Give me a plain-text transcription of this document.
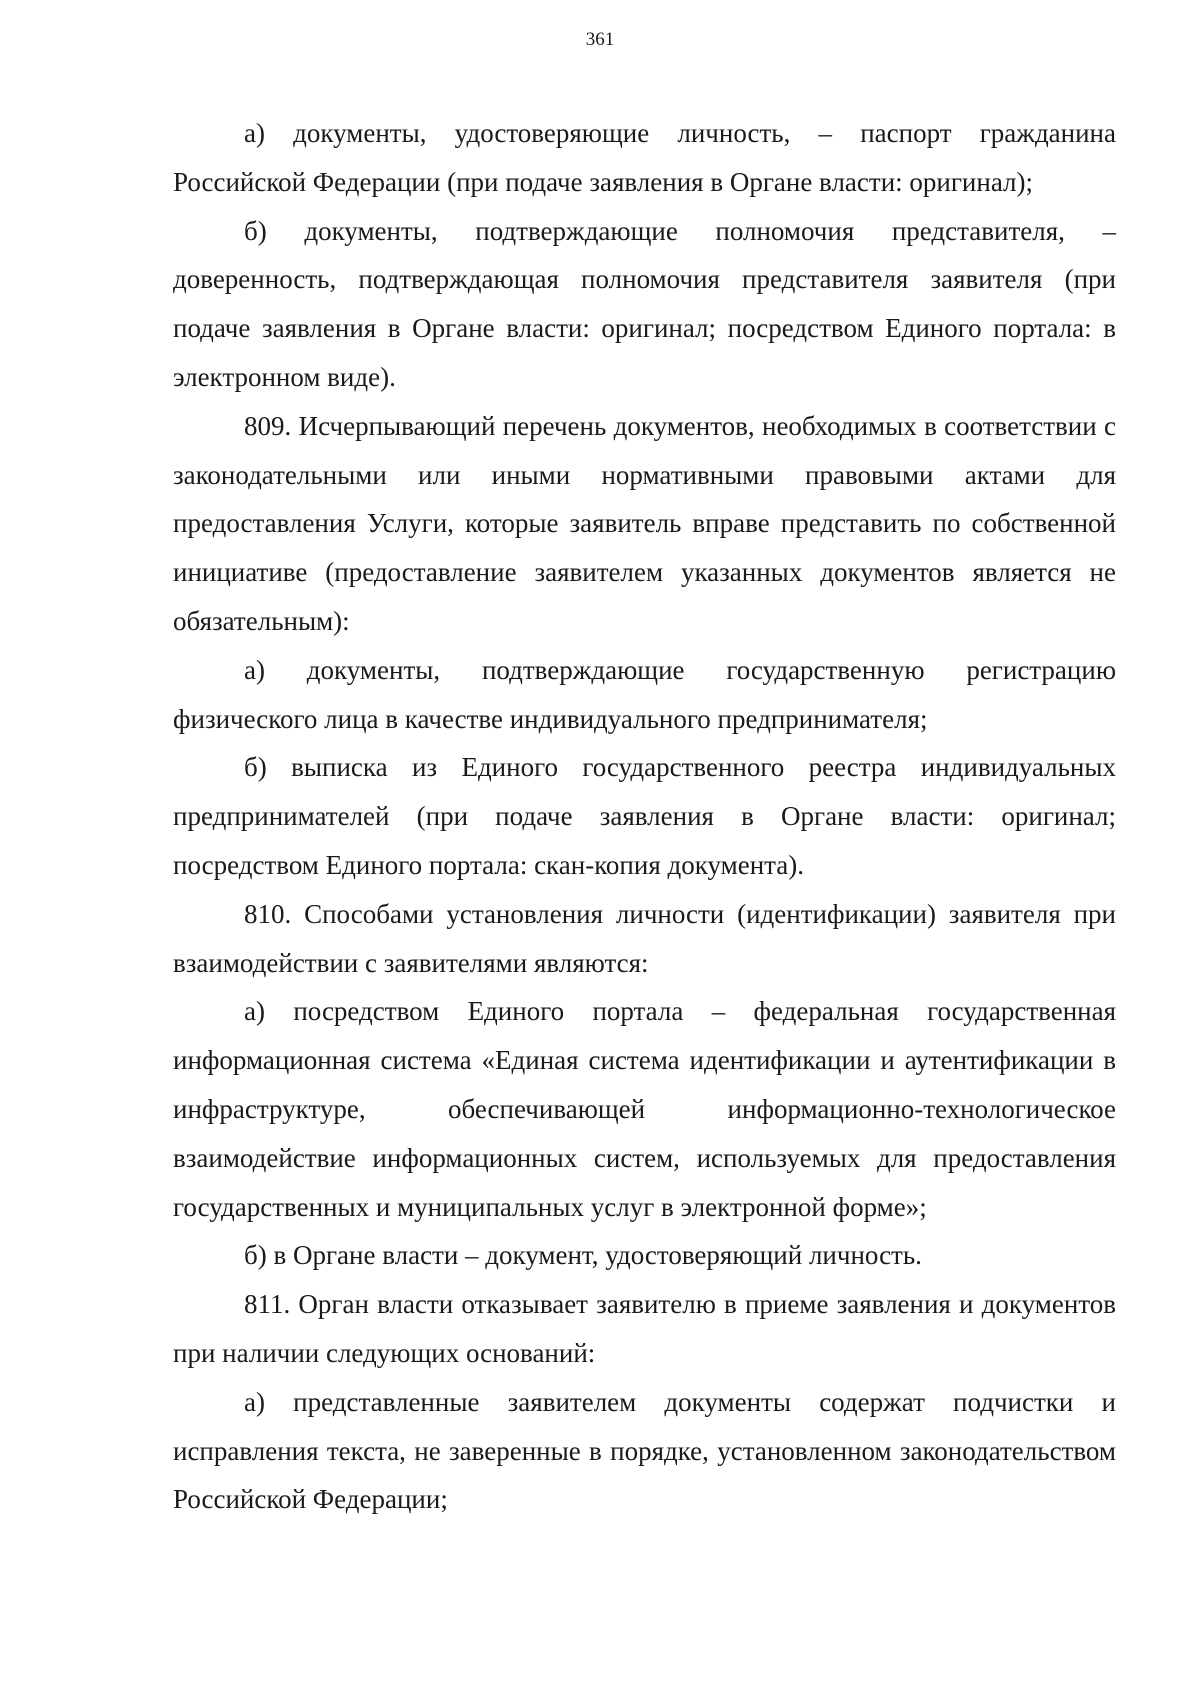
361

а) документы, удостоверяющие личность, – паспорт гражданина Российской Федерации (при подаче заявления в Органе власти: оригинал);

б) документы, подтверждающие полномочия представителя, – доверенность, подтверждающая полномочия представителя заявителя (при подаче заявления в Органе власти: оригинал; посредством Единого портала: в электронном виде).

809. Исчерпывающий перечень документов, необходимых в соответствии с законодательными или иными нормативными правовыми актами для предоставления Услуги, которые заявитель вправе представить по собственной инициативе (предоставление заявителем указанных документов является не обязательным):

а) документы, подтверждающие государственную регистрацию физического лица в качестве индивидуального предпринимателя;

б) выписка из Единого государственного реестра индивидуальных предпринимателей (при подаче заявления в Органе власти: оригинал; посредством Единого портала: скан-копия документа).

810. Способами установления личности (идентификации) заявителя при взаимодействии с заявителями являются:

а) посредством Единого портала – федеральная государственная информационная система «Единая система идентификации и аутентификации в инфраструктуре, обеспечивающей информационно-технологическое взаимодействие информационных систем, используемых для предоставления государственных и муниципальных услуг в электронной форме»;

б) в Органе власти – документ, удостоверяющий личность.

811. Орган власти отказывает заявителю в приеме заявления и документов при наличии следующих оснований:

а) представленные заявителем документы содержат подчистки и исправления текста, не заверенные в порядке, установленном законодательством Российской Федерации;
